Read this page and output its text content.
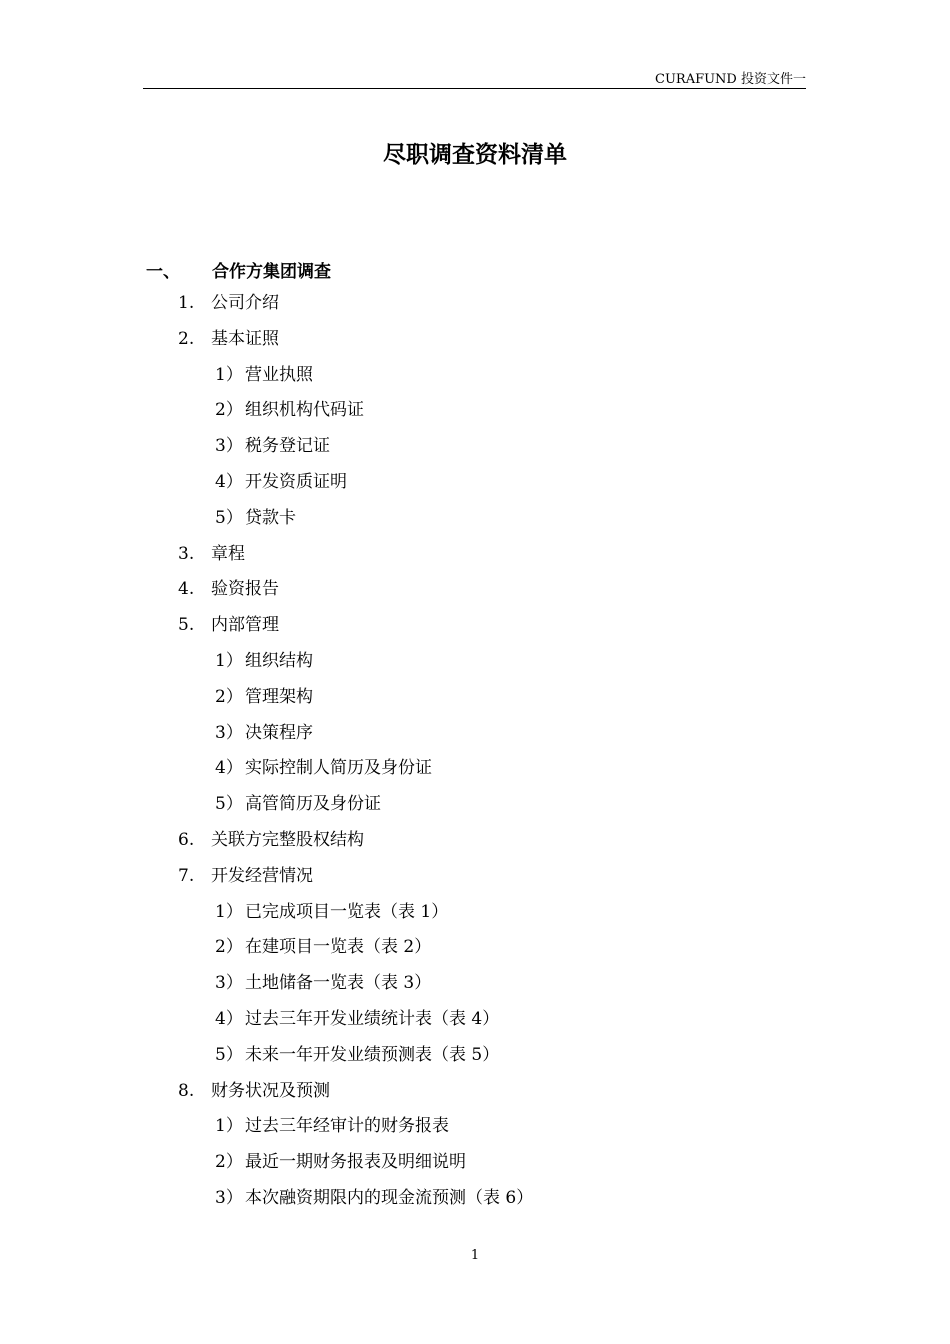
CURAFUND 投资文件一
尽职调查资料清单
一、 合作方集团调查
1. 公司介绍
2. 基本证照
1） 营业执照
2） 组织机构代码证
3） 税务登记证
4） 开发资质证明
5） 贷款卡
3. 章程
4. 验资报告
5. 内部管理
1） 组织结构
2） 管理架构
3） 决策程序
4） 实际控制人简历及身份证
5） 高管简历及身份证
6. 关联方完整股权结构
7. 开发经营情况
1） 已完成项目一览表（表 1）
2） 在建项目一览表（表 2）
3） 土地储备一览表（表 3）
4） 过去三年开发业绩统计表（表 4）
5） 未来一年开发业绩预测表（表 5）
8. 财务状况及预测
1） 过去三年经审计的财务报表
2） 最近一期财务报表及明细说明
3） 本次融资期限内的现金流预测（表 6）
1
